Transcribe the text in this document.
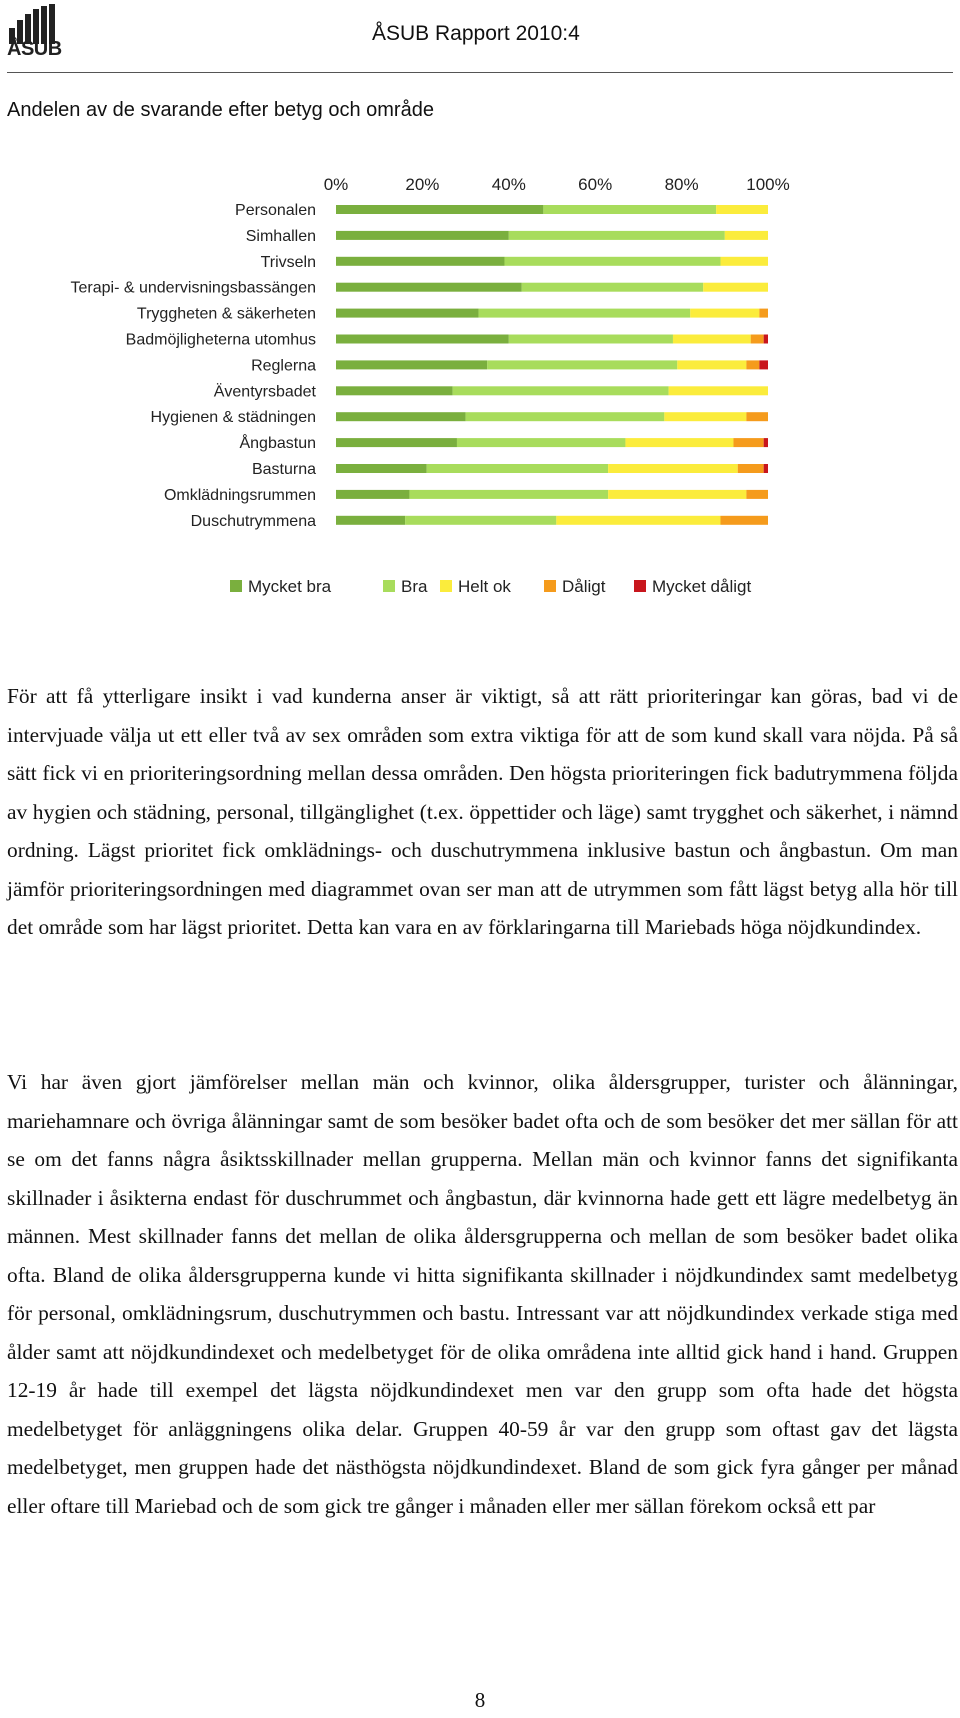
ÅSUB
ÅSUB Rapport 2010:4
Andelen av de svarande efter betyg och område
0%	20%	40%	60%	80%	100%
Personalen
Simhallen
Trivseln
Terapi- & undervisningsbassängen
Tryggheten & säkerheten
Badmöjligheterna utomhus
Reglerna
Äventyrsbadet
Hygienen & städningen
Ångbastun
Basturna
Omklädningsrummen
Duschutrymmena
Mycket bra	Bra Helt ok	Dåligt	Mycket dåligt

För att få ytterligare insikt i vad kunderna anser är viktigt, så att rätt prioriteringar kan göras, bad vi de intervjuade välja ut ett eller två av sex områden som extra viktiga för att de som kund skall vara nöjda. På så sätt fick vi en prioriteringsordning mellan dessa områden. Den högsta prioriteringen fick badutrymmena följda av hygien och städning, personal, tillgänglighet (t.ex. öppettider och läge) samt trygghet och säkerhet, i nämnd ordning. Lägst prioritet fick omklädnings- och duschutrymmena inklusive bastun och ångbastun. Om man jämför prioriteringsordningen med diagrammet ovan ser man att de utrymmen som fått lägst betyg alla hör till det område som har lägst prioritet. Detta kan vara en av förklaringarna till Mariebads höga nöjdkundindex.

Vi har även gjort jämförelser mellan män och kvinnor, olika åldersgrupper, turister och ålänningar, mariehamnare och övriga ålänningar samt de som besöker badet ofta och de som besöker det mer sällan för att se om det fanns några åsiktsskillnader mellan grupperna. Mellan män och kvinnor fanns det signifikanta skillnader i åsikterna endast för duschrummet och ångbastun, där kvinnorna hade gett ett lägre medelbetyg än männen. Mest skillnader fanns det mellan de olika åldersgrupperna och mellan de som besöker badet olika ofta. Bland de olika åldersgrupperna kunde vi hitta signifikanta skillnader i nöjdkundindex samt medelbetyg för personal, omklädningsrum, duschutrymmen och bastu. Intressant var att nöjdkundindex verkade stiga med ålder samt att nöjdkundindexet och medelbetyget för de olika områdena inte alltid gick hand i hand. Gruppen 12-19 år hade till exempel det lägsta nöjdkundindexet men var den grupp som ofta hade det högsta medelbetyget för anläggningens olika delar. Gruppen 40-59 år var den grupp som oftast gav det lägsta medelbetyget, men gruppen hade det nästhögsta nöjdkundindexet. Bland de som gick fyra gånger per månad eller oftare till Mariebad och de som gick tre gånger i månaden eller mer sällan förekom också ett par

8
